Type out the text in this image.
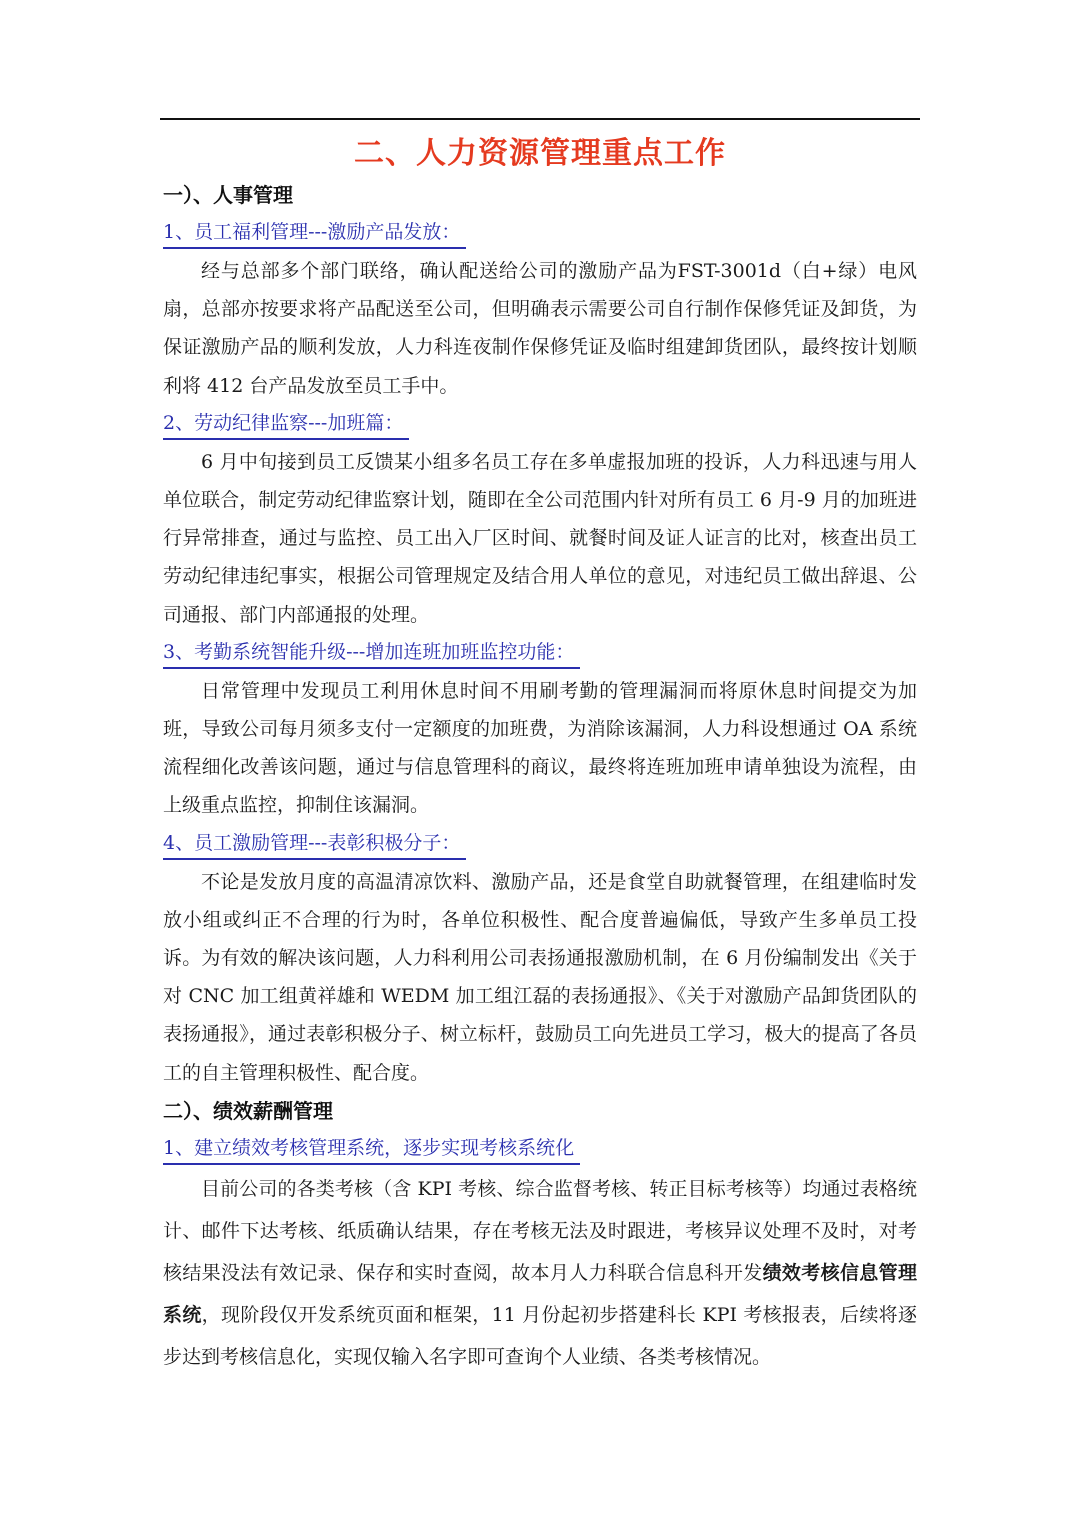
二、人力资源管理重点工作
一）、人事管理
1、员工福利管理---激励产品发放：

经与总部多个部门联络，确认配送给公司的激励产品为FST-3001d（白+绿）电风扇，总部亦按要求将产品配送至公司，但明确表示需要公司自行制作保修凭证及卸货，为保证激励产品的顺利发放，人力科连夜制作保修凭证及临时组建卸货团队，最终按计划顺利将 412 台产品发放至员工手中。

2、劳动纪律监察---加班篇：

6 月中旬接到员工反馈某小组多名员工存在多单虚报加班的投诉，人力科迅速与用人单位联合，制定劳动纪律监察计划，随即在全公司范围内针对所有员工 6 月-9 月的加班进行异常排查，通过与监控、员工出入厂区时间、就餐时间及证人证言的比对，核查出员工劳动纪律违纪事实，根据公司管理规定及结合用人单位的意见，对违纪员工做出辞退、公司通报、部门内部通报的处理。

3、考勤系统智能升级---增加连班加班监控功能：

日常管理中发现员工利用休息时间不用刷考勤的管理漏洞而将原休息时间提交为加班，导致公司每月须多支付一定额度的加班费，为消除该漏洞，人力科设想通过 OA 系统流程细化改善该问题，通过与信息管理科的商议，最终将连班加班申请单独设为流程，由上级重点监控，抑制住该漏洞。

4、员工激励管理---表彰积极分子：

不论是发放月度的高温清凉饮料、激励产品，还是食堂自助就餐管理，在组建临时发放小组或纠正不合理的行为时，各单位积极性、配合度普遍偏低，导致产生多单员工投诉。为有效的解决该问题，人力科利用公司表扬通报激励机制，在 6 月份编制发出《关于对 CNC 加工组黄祥雄和 WEDM 加工组江磊的表扬通报》、《关于对激励产品卸货团队的表扬通报》，通过表彰积极分子、树立标杆，鼓励员工向先进员工学习，极大的提高了各员工的自主管理积极性、配合度。

二）、绩效薪酬管理
1、建立绩效考核管理系统，逐步实现考核系统化

目前公司的各类考核（含 KPI 考核、综合监督考核、转正目标考核等）均通过表格统计、邮件下达考核、纸质确认结果，存在考核无法及时跟进，考核异议处理不及时，对考核结果没法有效记录、保存和实时查阅，故本月人力科联合信息科开发绩效考核信息管理系统，现阶段仅开发系统页面和框架，11 月份起初步搭建科长 KPI 考核报表，后续将逐步达到考核信息化，实现仅输入名字即可查询个人业绩、各类考核情况。
